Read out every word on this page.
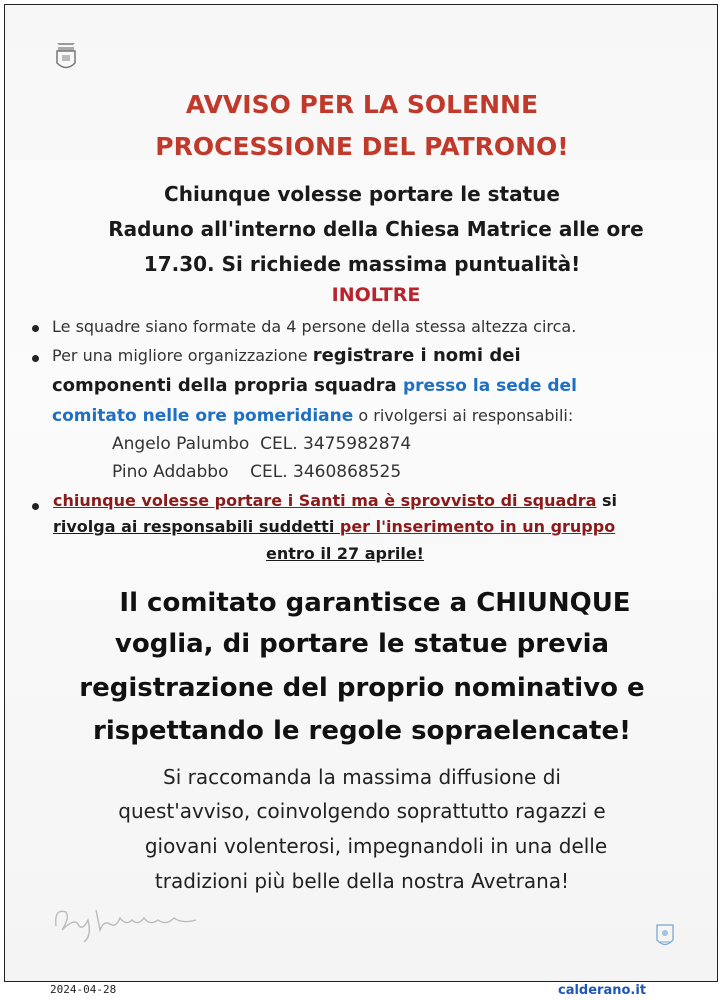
AVVISO PER LA SOLENNE
PROCESSIONE DEL PATRONO!
Chiunque volesse portare le statue
Raduno all'interno della Chiesa Matrice alle ore
17.30. Si richiede massima puntualità!
INOLTRE
Le squadre siano formate da 4 persone della stessa altezza circa.
Per una migliore organizzazione registrare i nomi dei
componenti della propria squadra presso la sede del
comitato nelle ore pomeridiane o rivolgersi ai responsabili:
Angelo Palumbo CEL. 3475982874
Pino Addabbo CEL. 3460868525
chiunque volesse portare i Santi ma è sprovvisto di squadra si
rivolga ai responsabili suddetti per l'inserimento in un gruppo
entro il 27 aprile!
Il comitato garantisce a CHIUNQUE
voglia, di portare le statue previa
registrazione del proprio nominativo e
rispettando le regole sopraelencate!
Si raccomanda la massima diffusione di
quest'avviso, coinvolgendo soprattutto ragazzi e
giovani volenterosi, impegnandoli in una delle
tradizioni più belle della nostra Avetrana!
2024-04-28	calderano.it
